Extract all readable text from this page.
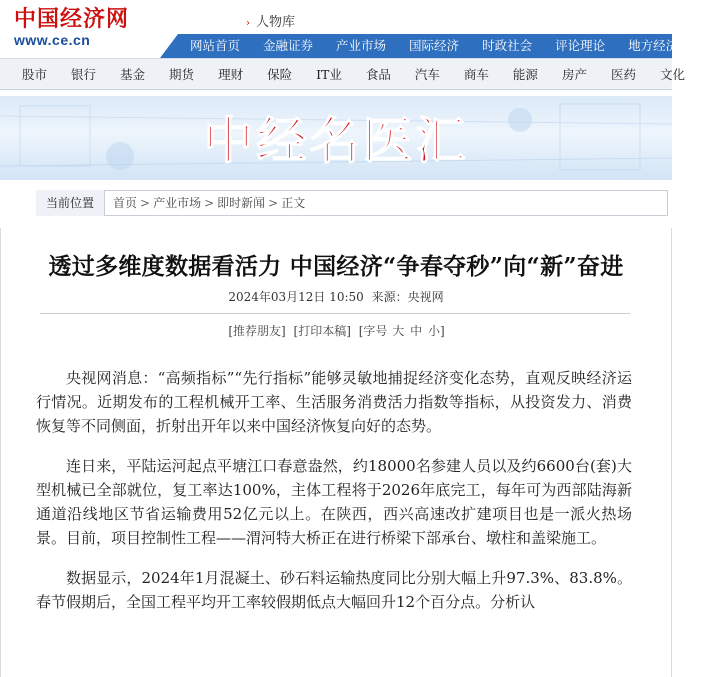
中国经济网
www.ce.cn
› 人物库
网站首页	金融证券	产业市场	国际经济	时政社会	评论理论	地方经济	境
股市	银行	基金	期货	理财	保险	IT业	食品	汽车	商车	能源	房产	医药	文化
中经名医汇
当前位置	首页 > 产业市场 > 即时新闻 > 正文
透过多维度数据看活力 中国经济“争春夺秒”向“新”奋进
2024年03月12日 10:50 来源：央视网
[推荐朋友] [打印本稿] [字号 大 中 小]

央视网消息：“高频指标”“先行指标”能够灵敏地捕捉经济变化态势，直观反映经济运行情况。近期发布的工程机械开工率、生活服务消费活力指数等指标，从投资发力、消费恢复等不同侧面，折射出开年以来中国经济恢复向好的态势。

连日来，平陆运河起点平塘江口春意盎然，约18000名参建人员以及约6600台(套)大型机械已全部就位，复工率达100%，主体工程将于2026年底完工，每年可为西部陆海新通道沿线地区节省运输费用52亿元以上。在陕西，西兴高速改扩建项目也是一派火热场景。目前，项目控制性工程——渭河特大桥正在进行桥梁下部承台、墩柱和盖梁施工。

数据显示，2024年1月混凝土、砂石料运输热度同比分别大幅上升97.3%、83.8%。春节假期后，全国工程平均开工率较假期低点大幅回升12个百分点。分析认
